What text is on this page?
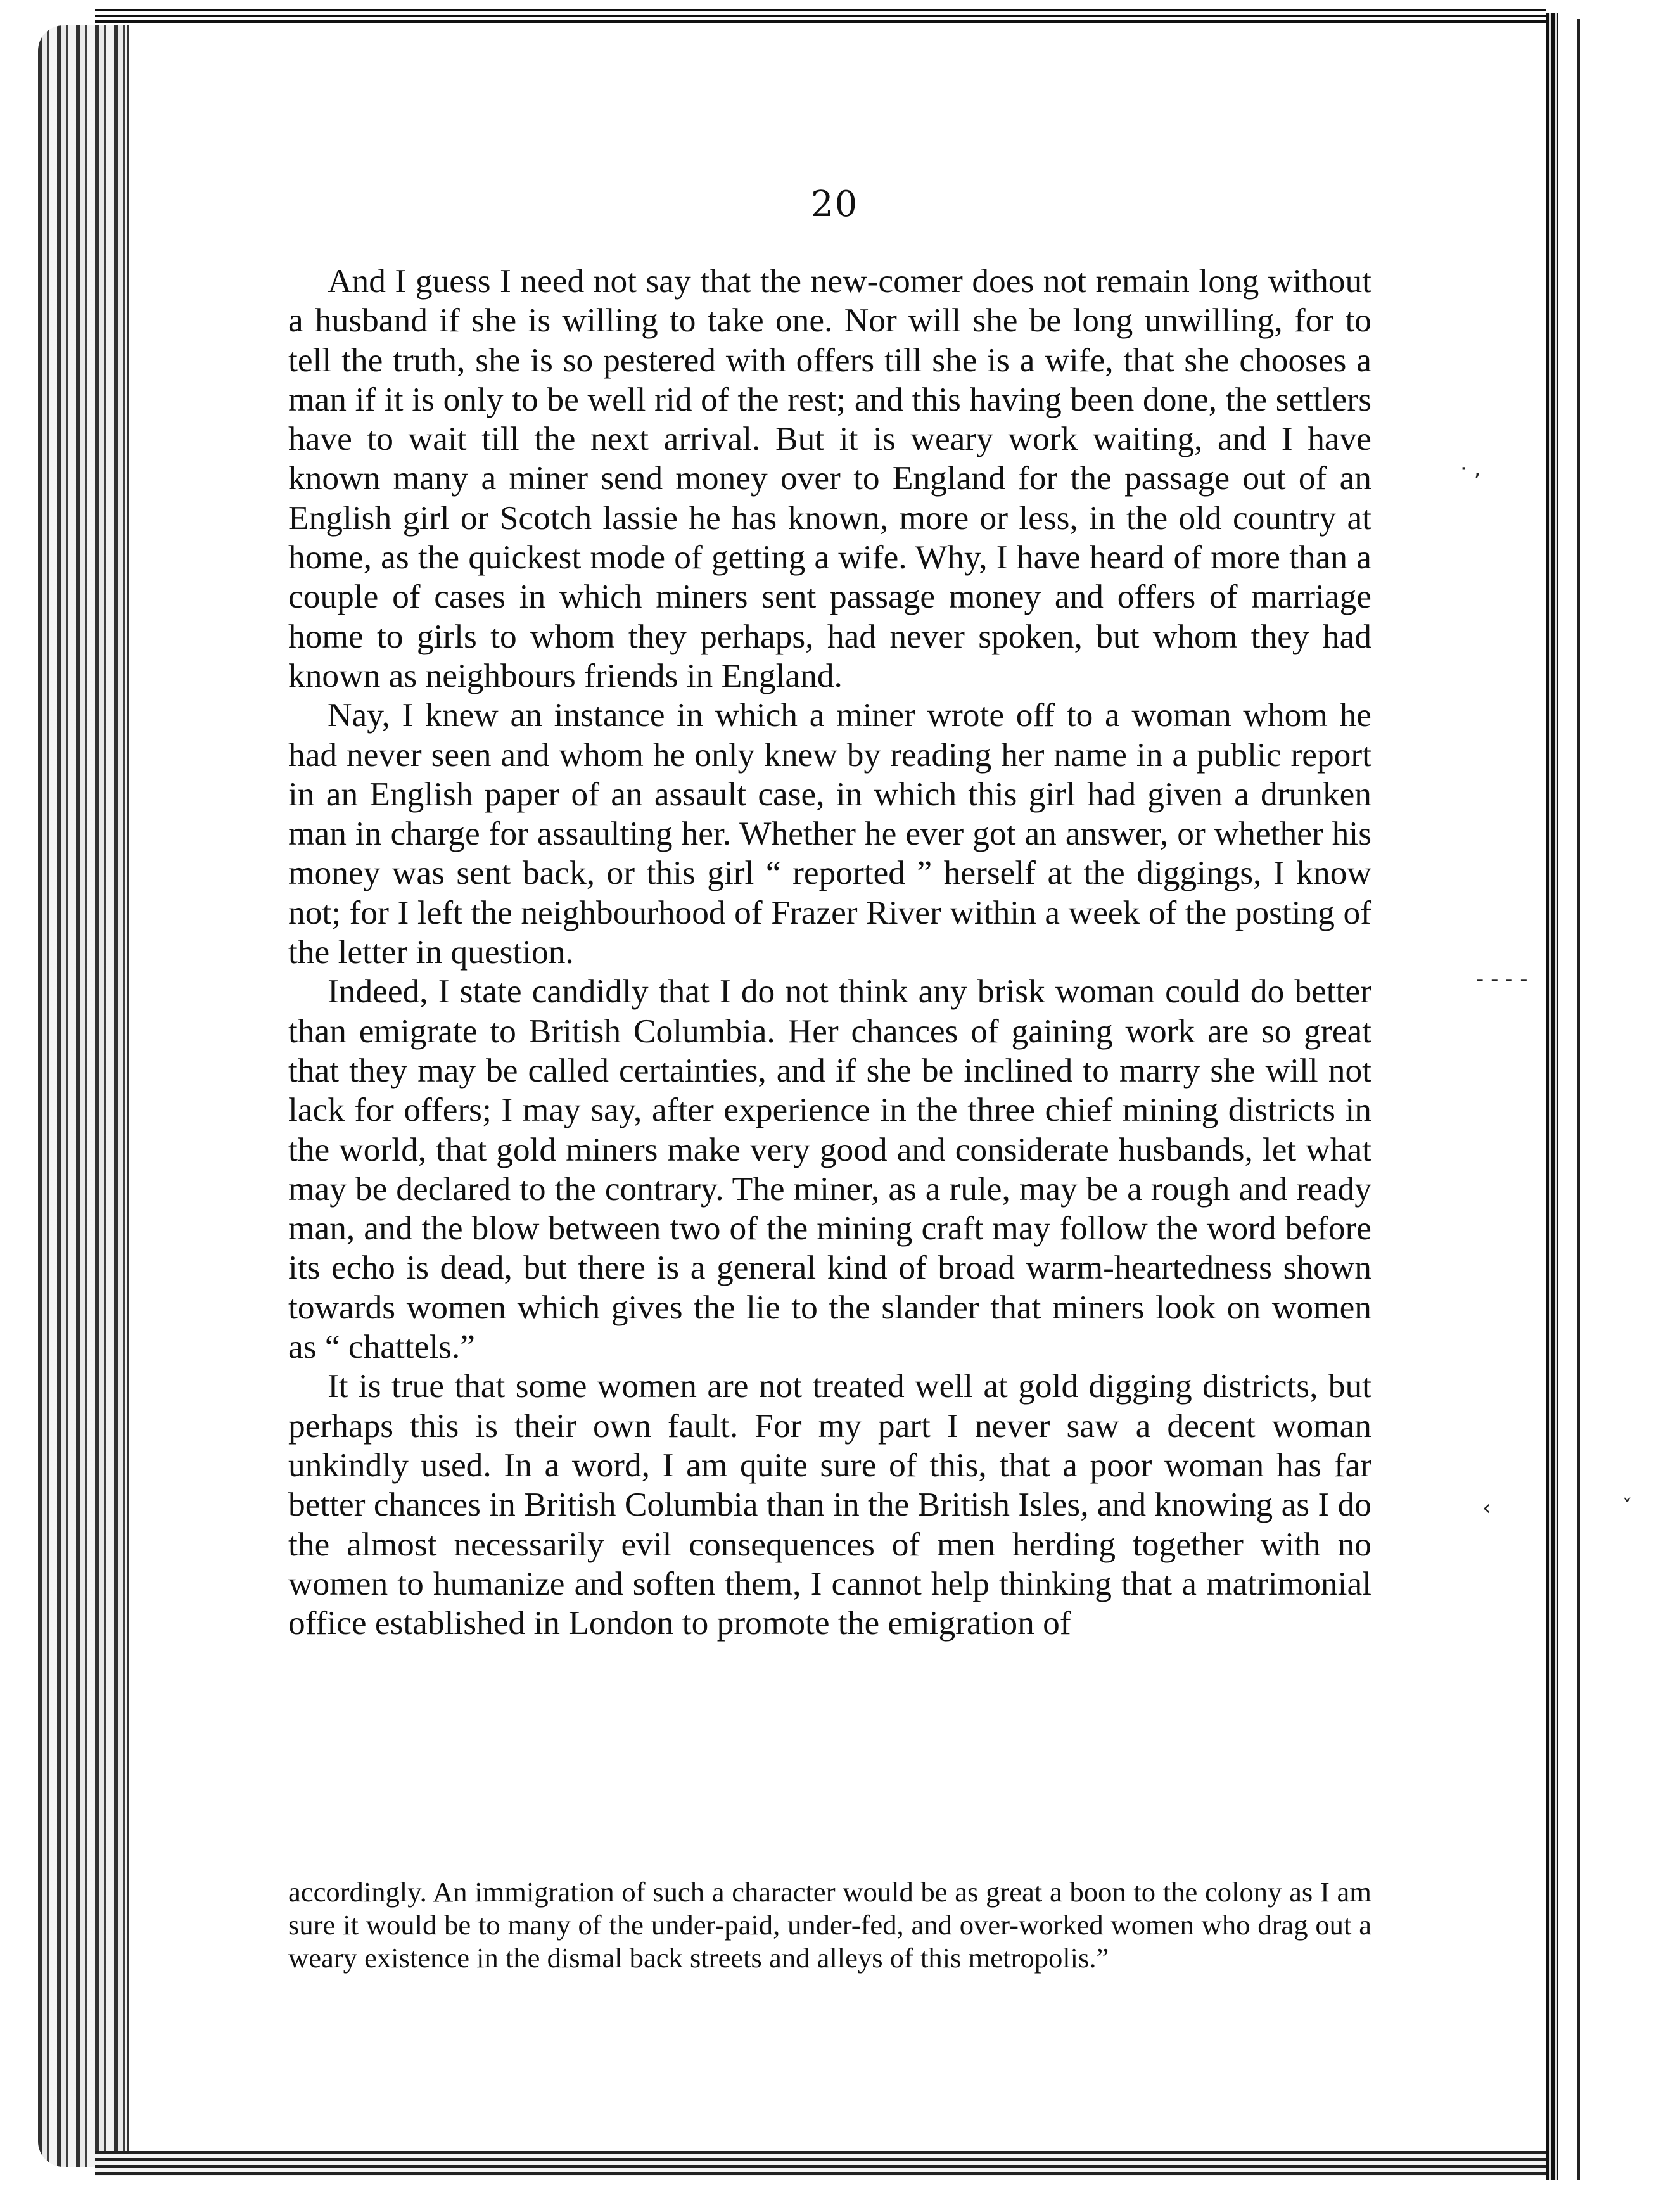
20

And I guess I need not say that the new-comer does not remain long without a husband if she is willing to take one. Nor will she be long unwilling, for to tell the truth, she is so pestered with offers till she is a wife, that she chooses a man if it is only to be well rid of the rest; and this having been done, the settlers have to wait till the next arrival. But it is weary work waiting, and I have known many a miner send money over to England for the passage out of an English girl or Scotch lassie he has known, more or less, in the old country at home, as the quickest mode of getting a wife. Why, I have heard of more than a couple of cases in which miners sent passage money and offers of marriage home to girls to whom they perhaps, had never spoken, but whom they had known as neighbours friends in England.

Nay, I knew an instance in which a miner wrote off to a woman whom he had never seen and whom he only knew by reading her name in a public report in an English paper of an assault case, in which this girl had given a drunken man in charge for assaulting her. Whether he ever got an answer, or whether his money was sent back, or this girl “ reported ” herself at the diggings, I know not; for I left the neighbourhood of Frazer River within a week of the posting of the letter in question.

Indeed, I state candidly that I do not think any brisk woman could do better than emigrate to British Columbia. Her chances of gaining work are so great that they may be called certainties, and if she be inclined to marry she will not lack for offers; I may say, after experience in the three chief mining districts in the world, that gold miners make very good and considerate husbands, let what may be declared to the contrary. The miner, as a rule, may be a rough and ready man, and the blow between two of the mining craft may follow the word before its echo is dead, but there is a general kind of broad warm-heartedness shown towards women which gives the lie to the slander that miners look on women as “ chattels.”

It is true that some women are not treated well at gold digging districts, but perhaps this is their own fault. For my part I never saw a decent woman unkindly used. In a word, I am quite sure of this, that a poor woman has far better chances in British Columbia than in the British Isles, and knowing as I do the almost necessarily evil consequences of men herding together with no women to humanize and soften them, I cannot help thinking that a matrimonial office established in London to promote the emigration of

accordingly. An immigration of such a character would be as great a boon to the colony as I am sure it would be to many of the under-paid, under-fed, and over-worked women who drag out a weary existence in the dismal back streets and alleys of this metropolis.”

· ,
‐ ‐ ‐ ‐
‹	ˇ
